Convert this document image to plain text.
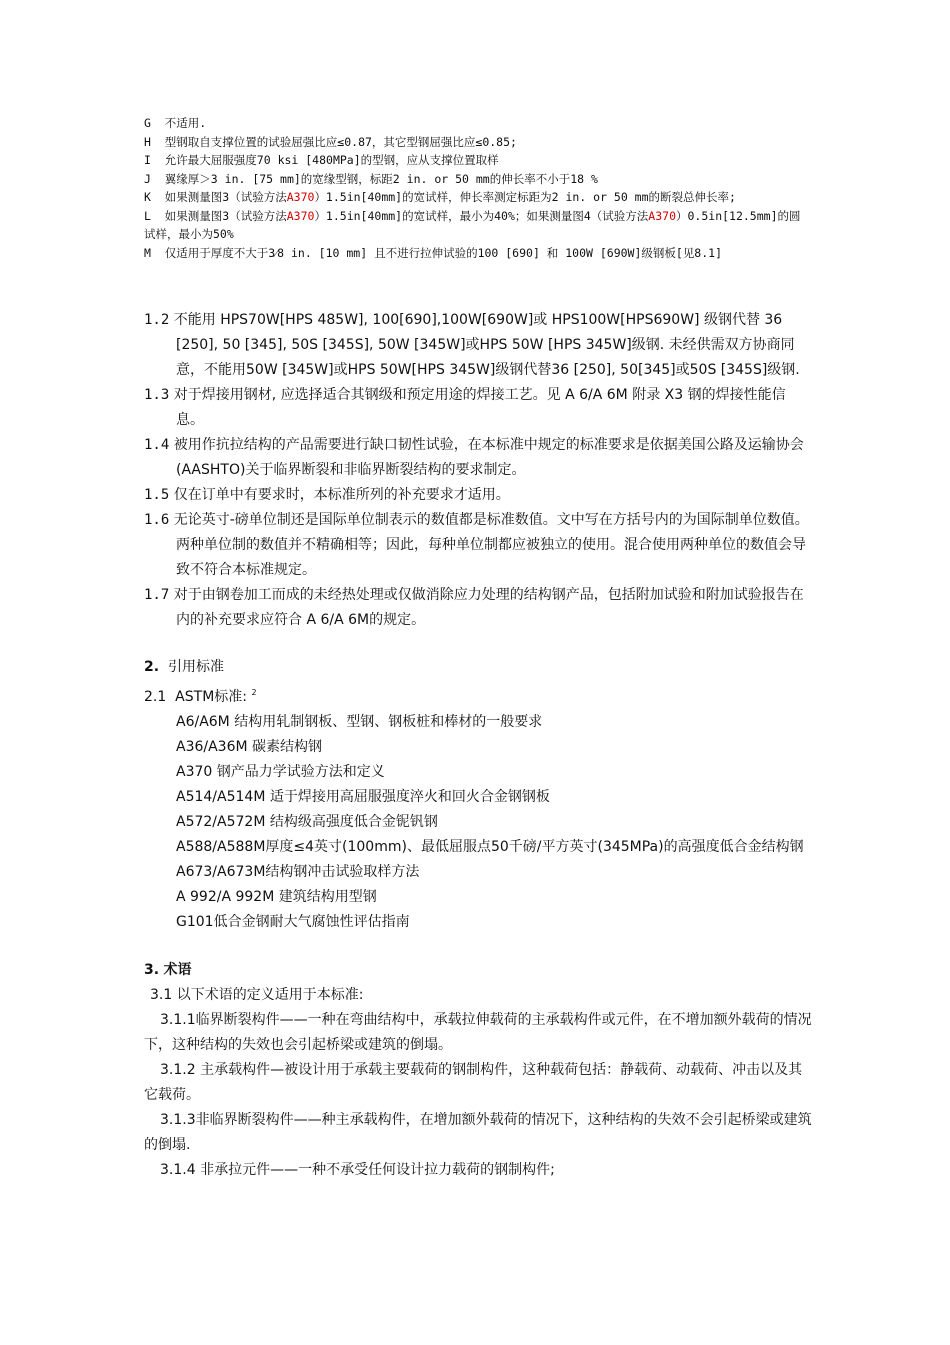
G 不适用.

H 型钢取自支撑位置的试验屈强比应≤0.87，其它型钢屈强比应≤0.85;

I 允许最大屈服强度70 ksi [480MPa]的型钢，应从支撑位置取样

J 翼缘厚＞3 in. [75 mm]的宽缘型钢，标距2 in. or 50 mm的伸长率不小于18 %

K 如果测量图3（试验方法A370）1.5in[40mm]的宽试样，伸长率测定标距为2 in. or 50 mm的断裂总伸长率;

L 如果测量图3（试验方法A370）1.5in[40mm]的宽试样，最小为40%；如果测量图4（试验方法A370）0.5in[12.5mm]的圆试样，最小为50%

M 仅适用于厚度不大于3⁄8 in. [10 mm] 且不进行拉伸试验的100 [690] 和 100W [690W]级钢板[见8.1]

1.2 不能用 HPS70W[HPS 485W], 100[690],100W[690W]或 HPS100W[HPS690W] 级钢代替 36 [250], 50 [345], 50S [345S], 50W [345W]或HPS 50W [HPS 345W]级钢. 未经供需双方协商同意，不能用50W [345W]或HPS 50W[HPS 345W]级钢代替36 [250], 50[345]或50S [345S]级钢.

1.3 对于焊接用钢材, 应选择适合其钢级和预定用途的焊接工艺。见 A 6/A 6M 附录 X3 钢的焊接性能信息。

1.4 被用作抗拉结构的产品需要进行缺口韧性试验，在本标准中规定的标准要求是依据美国公路及运输协会(AASHTO)关于临界断裂和非临界断裂结构的要求制定。

1.5 仅在订单中有要求时，本标准所列的补充要求才适用。

1.6 无论英寸-磅单位制还是国际单位制表示的数值都是标准数值。文中写在方括号内的为国际制单位数值。 两种单位制的数值并不精确相等；因此，每种单位制都应被独立的使用。混合使用两种单位的数值会导致不符合本标准规定。

1.7 对于由钢卷加工而成的未经热处理或仅做消除应力处理的结构钢产品，包括附加试验和附加试验报告在内的补充要求应符合 A 6/A 6M的规定。

2. 引用标准

2.1 ASTM标准: $^2$

A6/A6M 结构用轧制钢板、型钢、钢板桩和棒材的一般要求

A36/A36M 碳素结构钢

A370 钢产品力学试验方法和定义

A514/A514M 适于焊接用高屈服强度淬火和回火合金钢钢板

A572/A572M 结构级高强度低合金铌钒钢

A588/A588M厚度≤4英寸(100mm)、最低屈服点50千磅/平方英寸(345MPa)的高强度低合金结构钢

A673/A673M结构钢冲击试验取样方法

A 992/A 992M 建筑结构用型钢

G101低合金钢耐大气腐蚀性评估指南

3. 术语

3.1 以下术语的定义适用于本标准:

3.1.1临界断裂构件——一种在弯曲结构中，承载拉伸载荷的主承载构件或元件，在不增加额外载荷的情况下，这种结构的失效也会引起桥梁或建筑的倒塌。

3.1.2 主承载构件—被设计用于承载主要载荷的钢制构件，这种载荷包括：静载荷、动载荷、冲击以及其它载荷。

3.1.3非临界断裂构件——种主承载构件，在增加额外载荷的情况下，这种结构的失效不会引起桥梁或建筑的倒塌.

3.1.4 非承拉元件——一种不承受任何设计拉力载荷的钢制构件;
